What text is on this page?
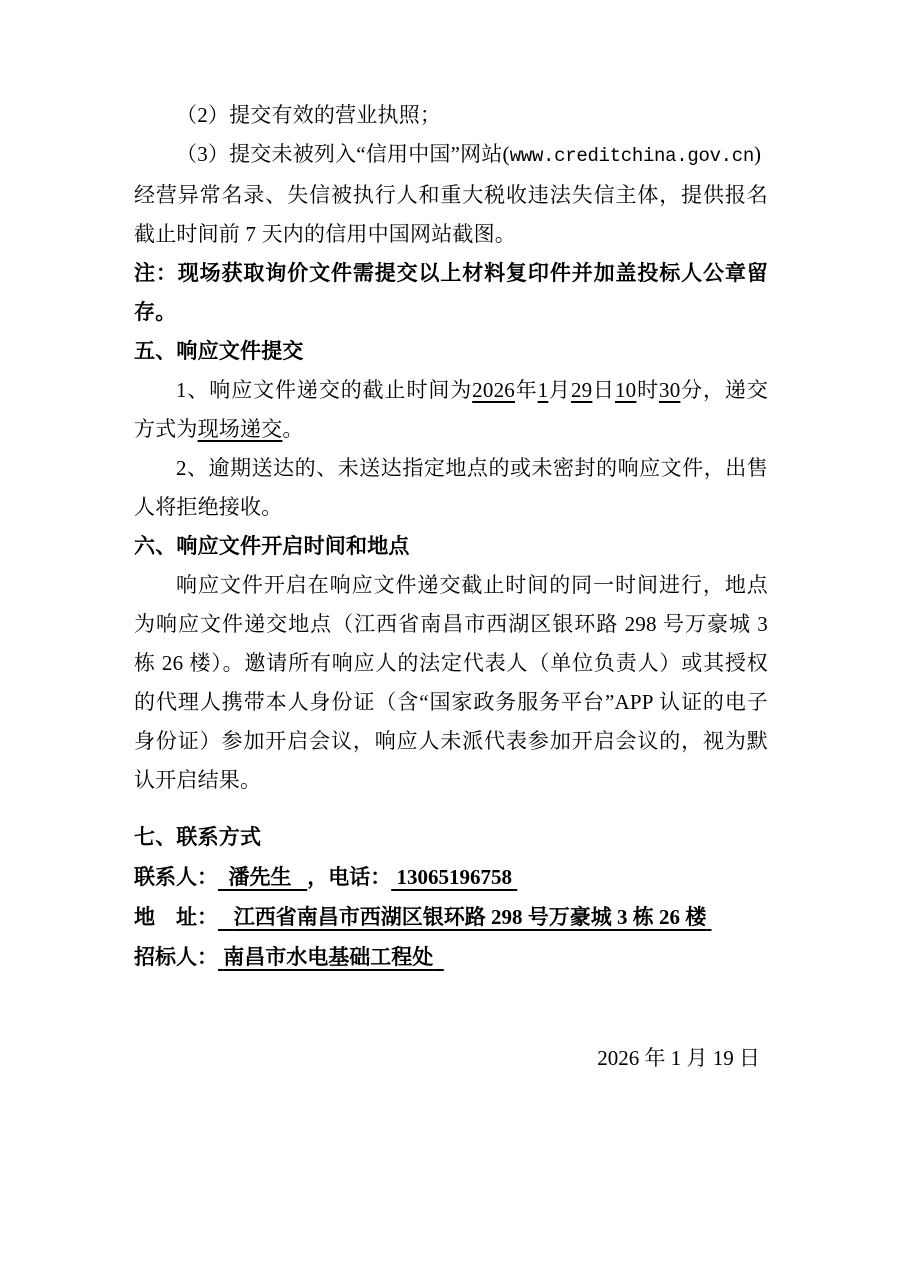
（2）提交有效的营业执照；

（3）提交未被列入“信用中国”网站(www.creditchina.gov.cn)

经营异常名录、失信被执行人和重大税收违法失信主体，提供报名截止时间前 7 天内的信用中国网站截图。

注：现场获取询价文件需提交以上材料复印件并加盖投标人公章留存。

五、响应文件提交

1、响应文件递交的截止时间为2026年1月29日10时30分，递交方式为现场递交。

2、逾期送达的、未送达指定地点的或未密封的响应文件，出售人将拒绝接收。

六、响应文件开启时间和地点

响应文件开启在响应文件递交截止时间的同一时间进行，地点为响应文件递交地点（江西省南昌市西湖区银环路 298 号万豪城 3 栋 26 楼）。邀请所有响应人的法定代表人（单位负责人）或其授权的代理人携带本人身份证（含“国家政务服务平台”APP 认证的电子身份证）参加开启会议，响应人未派代表参加开启会议的，视为默认开启结果。

七、联系方式

联系人： 潘先生 ，电话： 13065196758
地　址： 江西省南昌市西湖区银环路 298 号万豪城 3 栋 26 楼
招标人： 南昌市水电基础工程处
2026 年 1 月 19 日
